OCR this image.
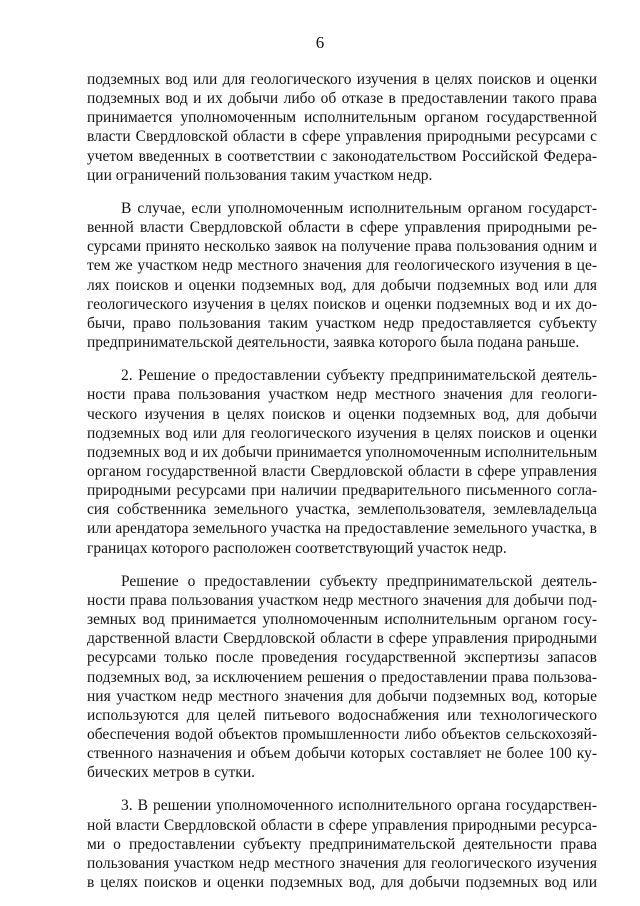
6

подземных вод или для геологического изучения в целях поисков и оценки
подземных вод и их добычи либо об отказе в предоставлении такого права
принимается уполномоченным исполнительным органом государственной
власти Свердловской области в сфере управления природными ресурсами с
учетом введенных в соответствии с законодательством Российской Федера-
ции ограничений пользования таким участком недр.

В случае, если уполномоченным исполнительным органом государст-
венной власти Свердловской области в сфере управления природными ре-
сурсами принято несколько заявок на получение права пользования одним и
тем же участком недр местного значения для геологического изучения в це-
лях поисков и оценки подземных вод, для добычи подземных вод или для
геологического изучения в целях поисков и оценки подземных вод и их до-
бычи, право пользования таким участком недр предоставляется субъекту
предпринимательской деятельности, заявка которого была подана раньше.

2. Решение о предоставлении субъекту предпринимательской деятель-
ности права пользования участком недр местного значения для геологи-
ческого изучения в целях поисков и оценки подземных вод, для добычи
подземных вод или для геологического изучения в целях поисков и оценки
подземных вод и их добычи принимается уполномоченным исполнительным
органом государственной власти Свердловской области в сфере управления
природными ресурсами при наличии предварительного письменного согла-
сия собственника земельного участка, землепользователя, землевладельца
или арендатора земельного участка на предоставление земельного участка, в
границах которого расположен соответствующий участок недр.

Решение о предоставлении субъекту предпринимательской деятель-
ности права пользования участком недр местного значения для добычи под-
земных вод принимается уполномоченным исполнительным органом госу-
дарственной власти Свердловской области в сфере управления природными
ресурсами только после проведения государственной экспертизы запасов
подземных вод, за исключением решения о предоставлении права пользова-
ния участком недр местного значения для добычи подземных вод, которые
используются для целей питьевого водоснабжения или технологического
обеспечения водой объектов промышленности либо объектов сельскохозяй-
ственного назначения и объем добычи которых составляет не более 100 ку-
бических метров в сутки.

3. В решении уполномоченного исполнительного органа государствен-
ной власти Свердловской области в сфере управления природными ресурса-
ми о предоставлении субъекту предпринимательской деятельности права
пользования участком недр местного значения для геологического изучения
в целях поисков и оценки подземных вод, для добычи подземных вод или
